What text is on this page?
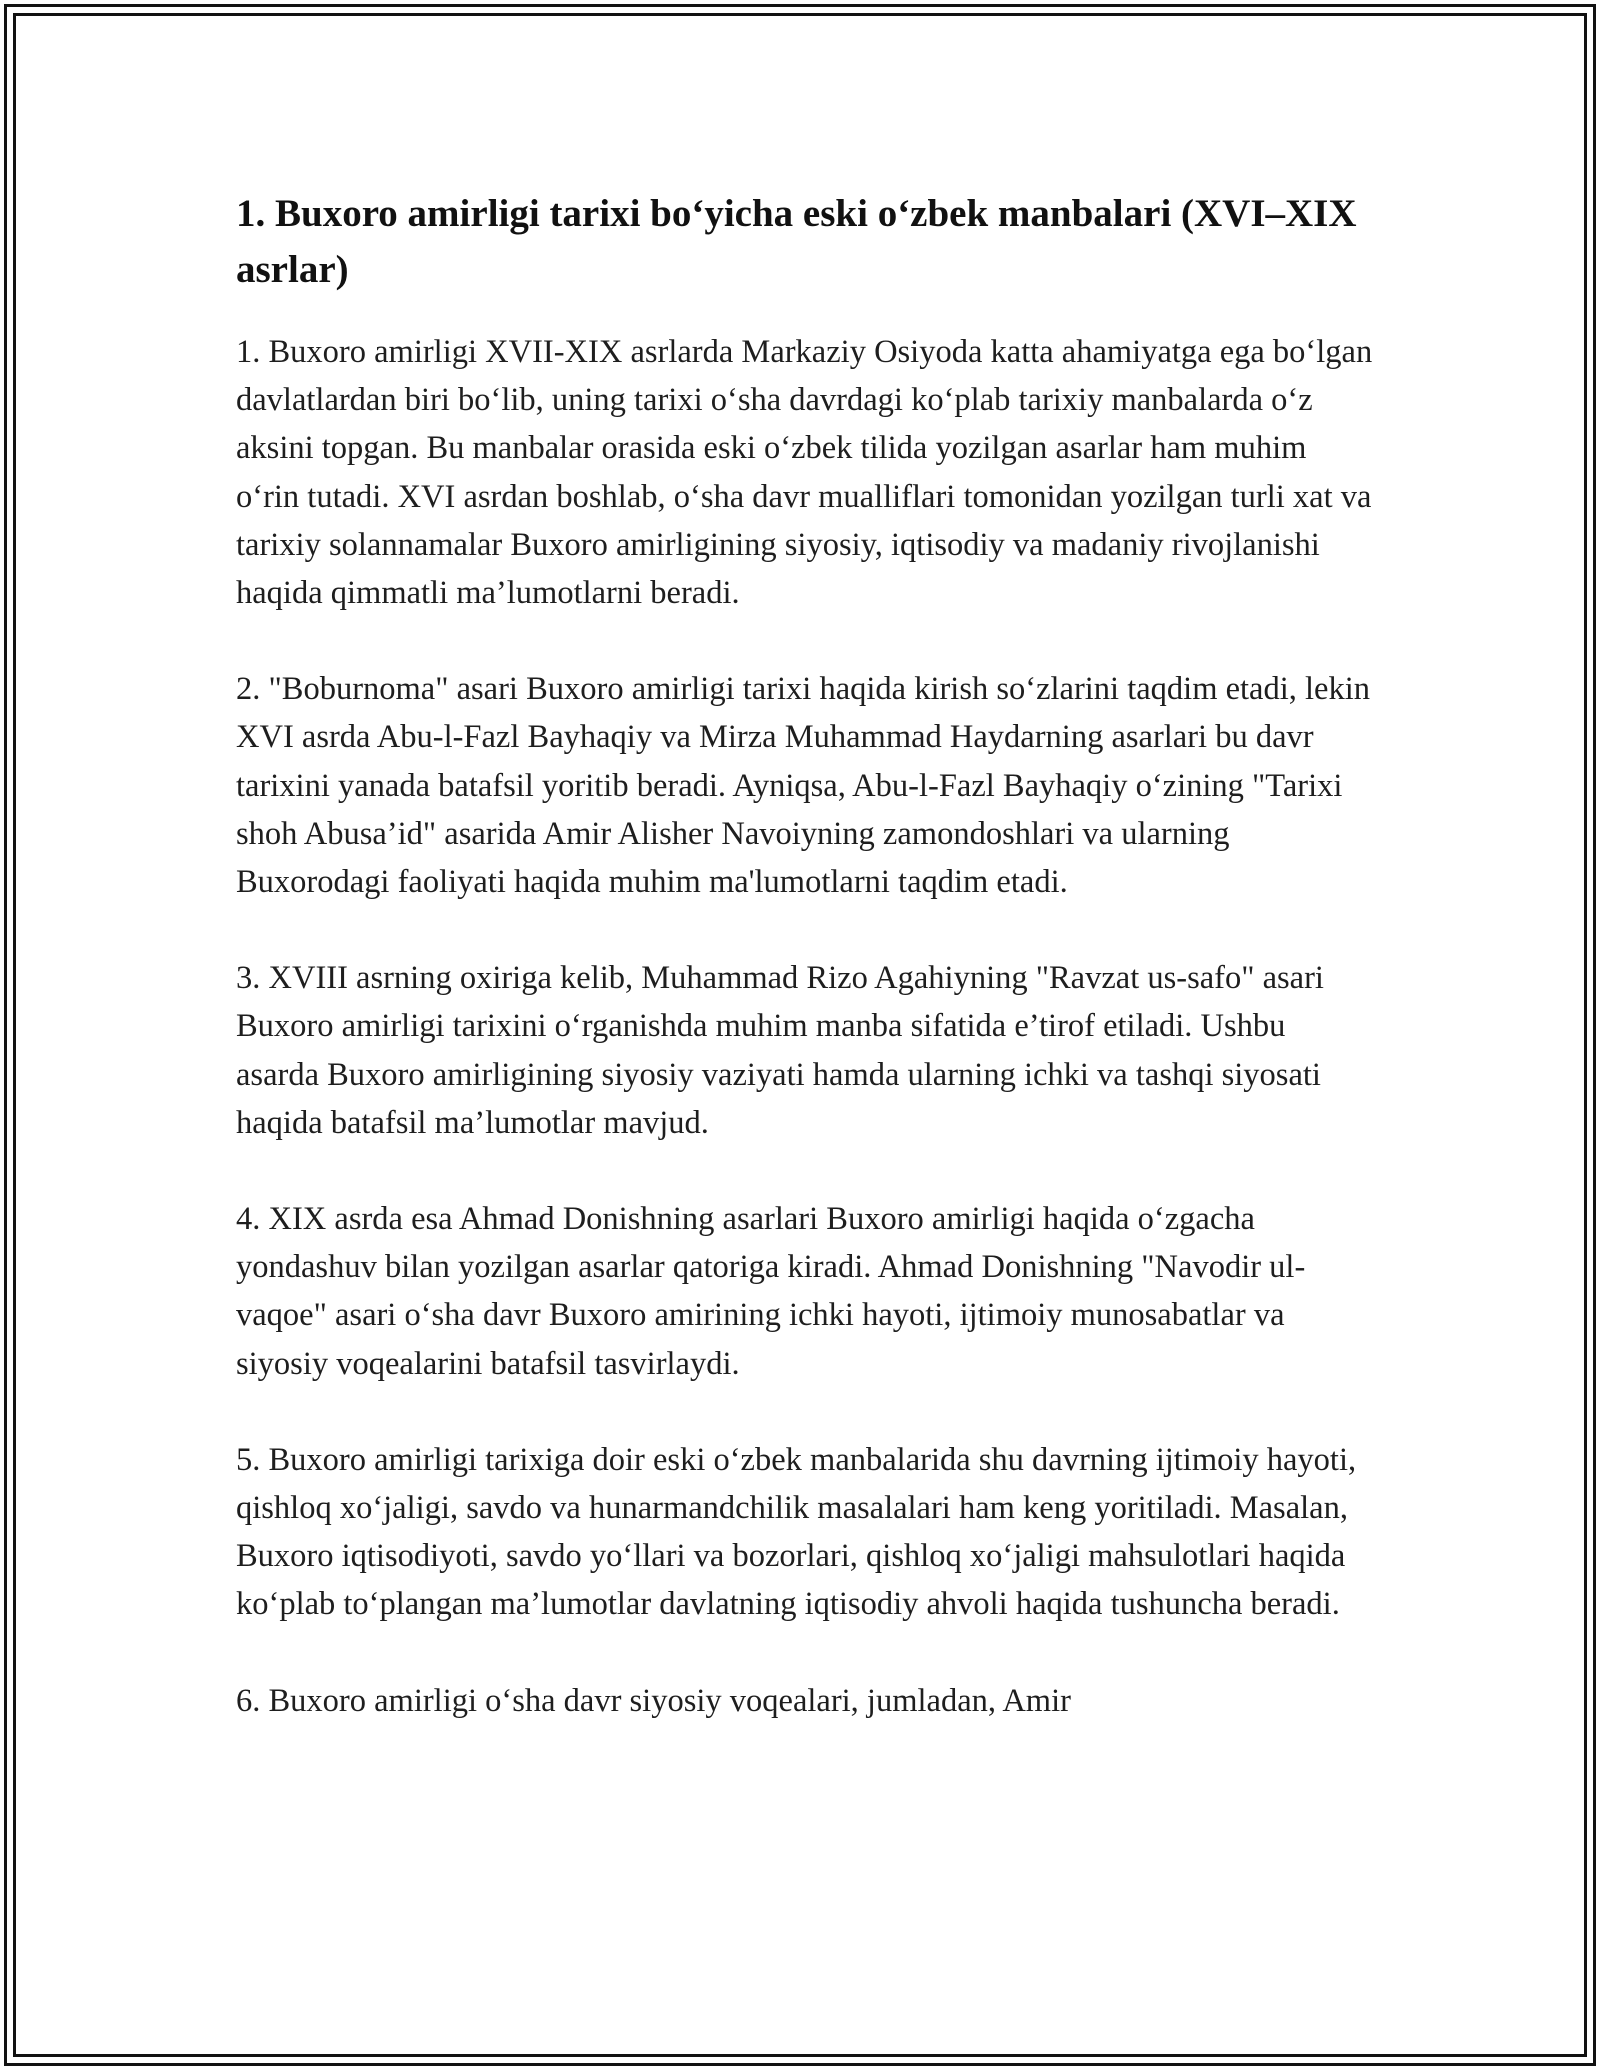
1. Buxoro amirligi tarixi bo‘yicha eski o‘zbek manbalari (XVI–XIX asrlar)

1. Buxoro amirligi XVII-XIX asrlarda Markaziy Osiyoda katta ahamiyatga ega bo‘lgan davlatlardan biri bo‘lib, uning tarixi o‘sha davrdagi ko‘plab tarixiy manbalarda o‘z aksini topgan. Bu manbalar orasida eski o‘zbek tilida yozilgan asarlar ham muhim o‘rin tutadi. XVI asrdan boshlab, o‘sha davr mualliflari tomonidan yozilgan turli xat va tarixiy solannamalar Buxoro amirligining siyosiy, iqtisodiy va madaniy rivojlanishi haqida qimmatli ma’lumotlarni beradi.

2. "Boburnoma" asari Buxoro amirligi tarixi haqida kirish so‘zlarini taqdim etadi, lekin XVI asrda Abu-l-Fazl Bayhaqiy va Mirza Muhammad Haydarning asarlari bu davr tarixini yanada batafsil yoritib beradi. Ayniqsa, Abu-l-Fazl Bayhaqiy o‘zining "Tarixi shoh Abusa’id" asarida Amir Alisher Navoiyning zamondoshlari va ularning Buxorodagi faoliyati haqida muhim ma'lumotlarni taqdim etadi.

3. XVIII asrning oxiriga kelib, Muhammad Rizo Agahiyning "Ravzat us-safo" asari Buxoro amirligi tarixini o‘rganishda muhim manba sifatida e’tirof etiladi. Ushbu asarda Buxoro amirligining siyosiy vaziyati hamda ularning ichki va tashqi siyosati haqida batafsil ma’lumotlar mavjud.

4. XIX asrda esa Ahmad Donishning asarlari Buxoro amirligi haqida o‘zgacha yondashuv bilan yozilgan asarlar qatoriga kiradi. Ahmad Donishning "Navodir ul-vaqoe" asari o‘sha davr Buxoro amirining ichki hayoti, ijtimoiy munosabatlar va siyosiy voqealarini batafsil tasvirlaydi.

5. Buxoro amirligi tarixiga doir eski o‘zbek manbalarida shu davrning ijtimoiy hayoti, qishloq xo‘jaligi, savdo va hunarmandchilik masalalari ham keng yoritiladi. Masalan, Buxoro iqtisodiyoti, savdo yo‘llari va bozorlari, qishloq xo‘jaligi mahsulotlari haqida ko‘plab to‘plangan ma’lumotlar davlatning iqtisodiy ahvoli haqida tushuncha beradi.

6. Buxoro amirligi o‘sha davr siyosiy voqealari, jumladan, Amir
